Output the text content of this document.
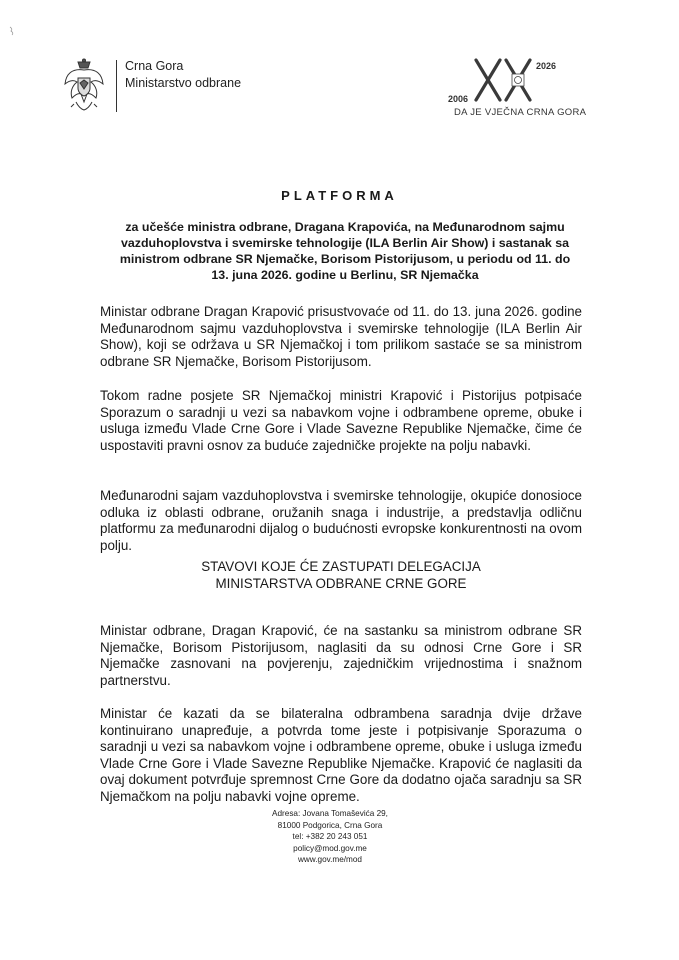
Crna Gora
Ministarstvo odbrane
2006
2026
DA JE VJEČNA CRNA GORA
PLATFORMA
za učešće ministra odbrane, Dragana Krapovića, na Međunarodnom sajmu vazduhoplovstva i svemirske tehnologije (ILA Berlin Air Show) i sastanak sa ministrom odbrane SR Njemačke, Borisom Pistorijusom, u periodu od 11. do 13. juna 2026. godine u Berlinu, SR Njemačka
Ministar odbrane Dragan Krapović prisustvovaće od 11. do 13. juna 2026. godine Međunarodnom sajmu vazduhoplovstva i svemirske tehnologije (ILA Berlin Air Show), koji se održava u SR Njemačkoj i tom prilikom sastaće se sa ministrom odbrane SR Njemačke, Borisom Pistorijusom.
Tokom radne posjete SR Njemačkoj ministri Krapović i Pistorijus potpisaće Sporazum o saradnji u vezi sa nabavkom vojne i odbrambene opreme, obuke i usluga između Vlade Crne Gore i Vlade Savezne Republike Njemačke, čime će uspostaviti pravni osnov za buduće zajedničke projekte na polju nabavki.
Međunarodni sajam vazduhoplovstva i svemirske tehnologije, okupiće donosioce odluka iz oblasti odbrane, oružanih snaga i industrije, a predstavlja odličnu platformu za međunarodni dijalog o budućnosti evropske konkurentnosti na ovom polju.
STAVOVI KOJE ĆE ZASTUPATI DELEGACIJA
MINISTARSTVA ODBRANE CRNE GORE
Ministar odbrane, Dragan Krapović, će na sastanku sa ministrom odbrane SR Njemačke, Borisom Pistorijusom, naglasiti da su odnosi Crne Gore i SR Njemačke zasnovani na povjerenju, zajedničkim vrijednostima i snažnom partnerstvu.
Ministar će kazati da se bilateralna odbrambena saradnja dvije države kontinuirano unapređuje, a potvrda tome jeste i potpisivanje Sporazuma o saradnji u vezi sa nabavkom vojne i odbrambene opreme, obuke i usluga između Vlade Crne Gore i Vlade Savezne Republike Njemačke. Krapović će naglasiti da ovaj dokument potvrđuje spremnost Crne Gore da dodatno ojača saradnju sa SR Njemačkom na polju nabavki vojne opreme.
Adresa: Jovana Tomaševića 29,
81000 Podgorica, Crna Gora
tel: +382 20 243 051
policy@mod.gov.me
www.gov.me/mod
